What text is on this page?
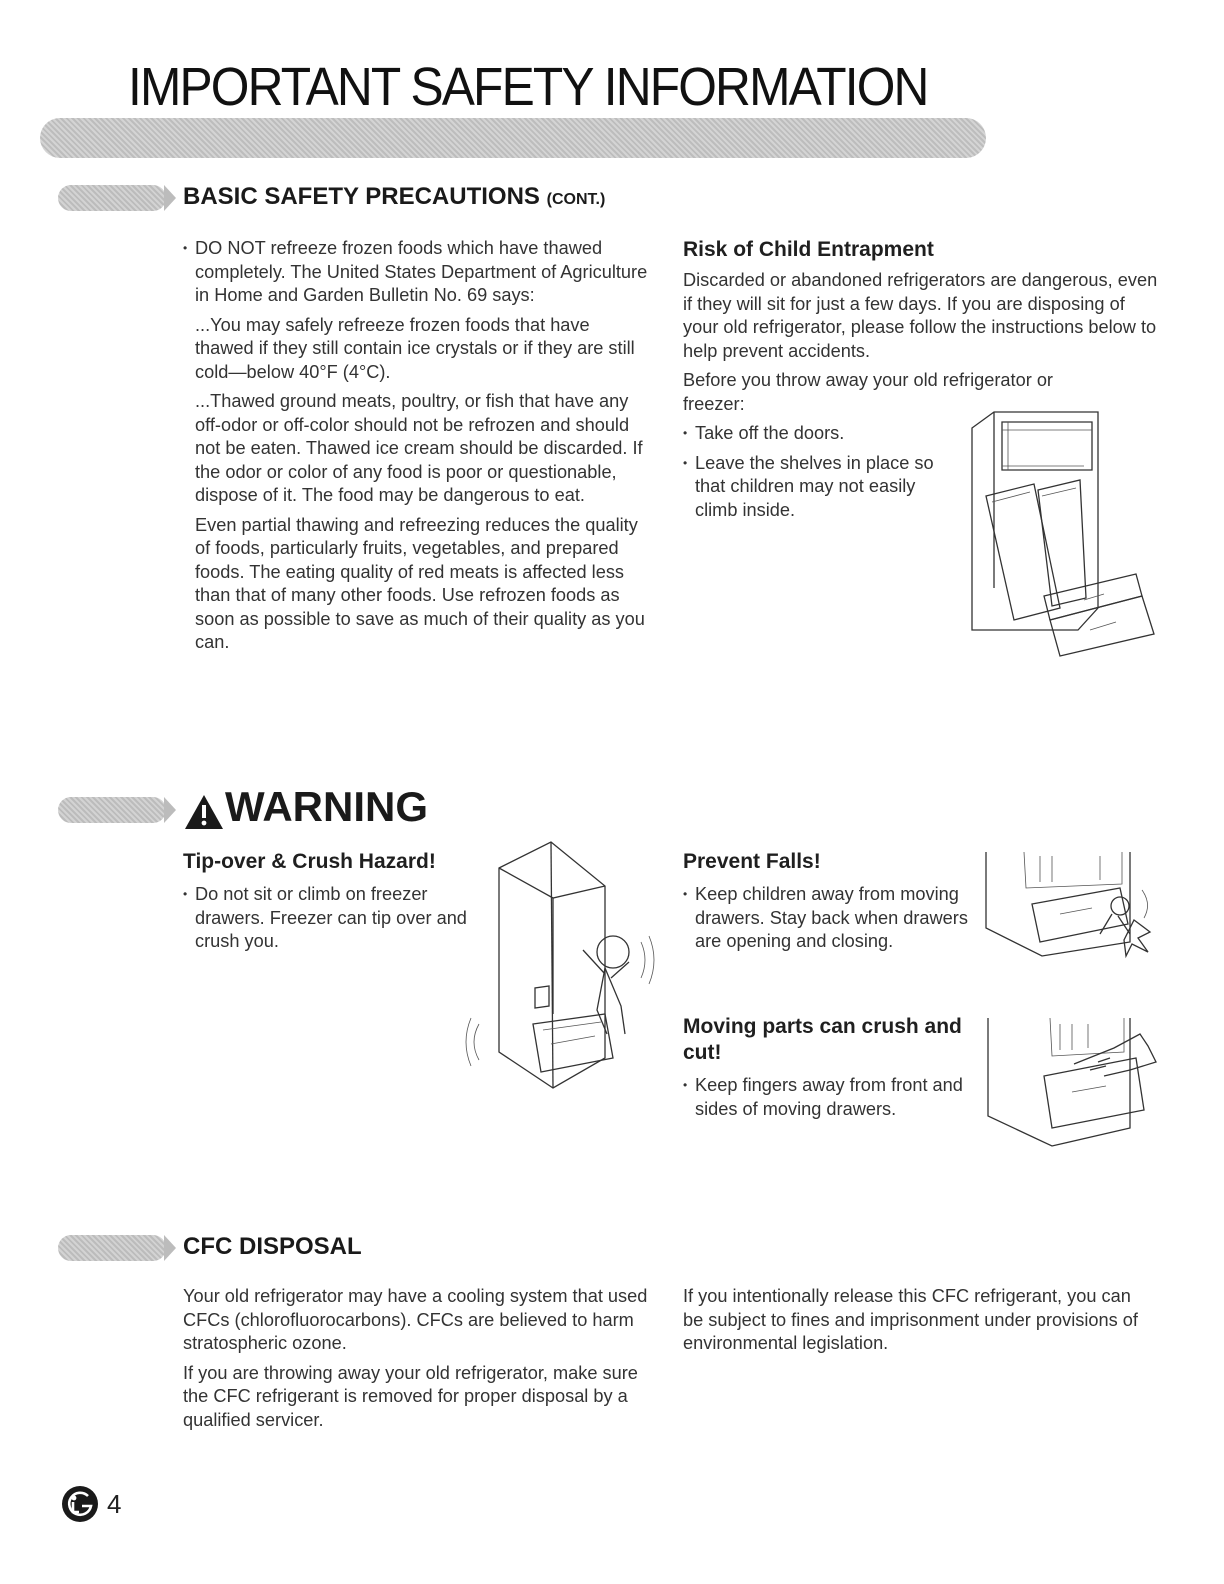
IMPORTANT SAFETY INFORMATION
BASIC SAFETY PRECAUTIONS (CONT.)

• DO NOT refreeze frozen foods which have thawed completely. The United States Department of Agriculture in Home and Garden Bulletin No. 69 says:

...You may safely refreeze frozen foods that have thawed if they still contain ice crystals or if they are still cold—below 40°F (4°C).

...Thawed ground meats, poultry, or fish that have any off-odor or off-color should not be refrozen and should not be eaten. Thawed ice cream should be discarded. If the odor or color of any food is poor or questionable, dispose of it. The food may be dangerous to eat.

Even partial thawing and refreezing reduces the quality of foods, particularly fruits, vegetables, and prepared foods. The eating quality of red meats is affected less than that of many other foods. Use refrozen foods as soon as possible to save as much of their quality as you can.

Risk of Child Entrapment

Discarded or abandoned refrigerators are dangerous, even if they will sit for just a few days. If you are disposing of your old refrigerator, please follow the instructions below to help prevent accidents.

Before you throw away your old refrigerator or freezer:

• Take off the doors.

• Leave the shelves in place so that children may not easily climb inside.

WARNING
Tip-over & Crush Hazard!

• Do not sit or climb on freezer drawers. Freezer can tip over and crush you.

Prevent Falls!

• Keep children away from moving drawers. Stay back when drawers are opening and closing.

Moving parts can crush and cut!

• Keep fingers away from front and sides of moving drawers.

CFC DISPOSAL

Your old refrigerator may have a cooling system that used CFCs (chlorofluorocarbons). CFCs are believed to harm stratospheric ozone.

If you are throwing away your old refrigerator, make sure the CFC refrigerant is removed for proper disposal by a qualified servicer.

If you intentionally release this CFC refrigerant, you can be subject to fines and imprisonment under provisions of environmental legislation.

4
